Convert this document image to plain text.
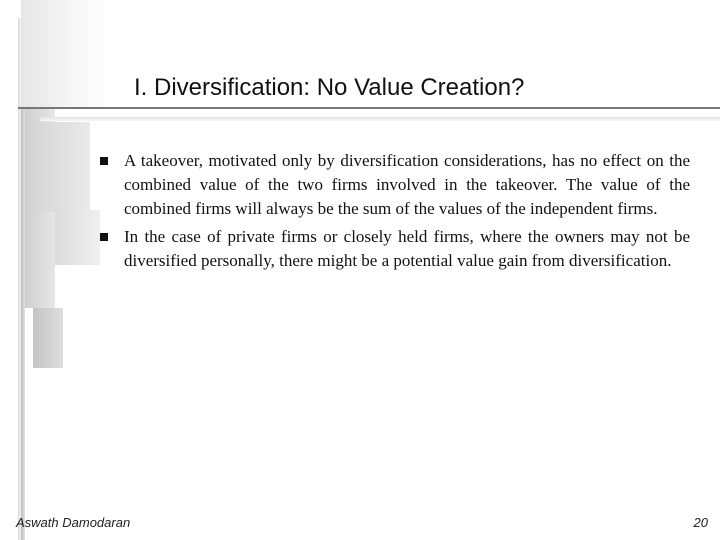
I. Diversification: No Value Creation?
A takeover, motivated only by diversification considerations, has no effect on the combined value of the two firms involved in the takeover. The value of the combined firms will always be the sum of the values of the independent firms.
In the case of private firms or closely held firms, where the owners may not be diversified personally, there might be a potential value gain from diversification.
Aswath Damodaran	20
